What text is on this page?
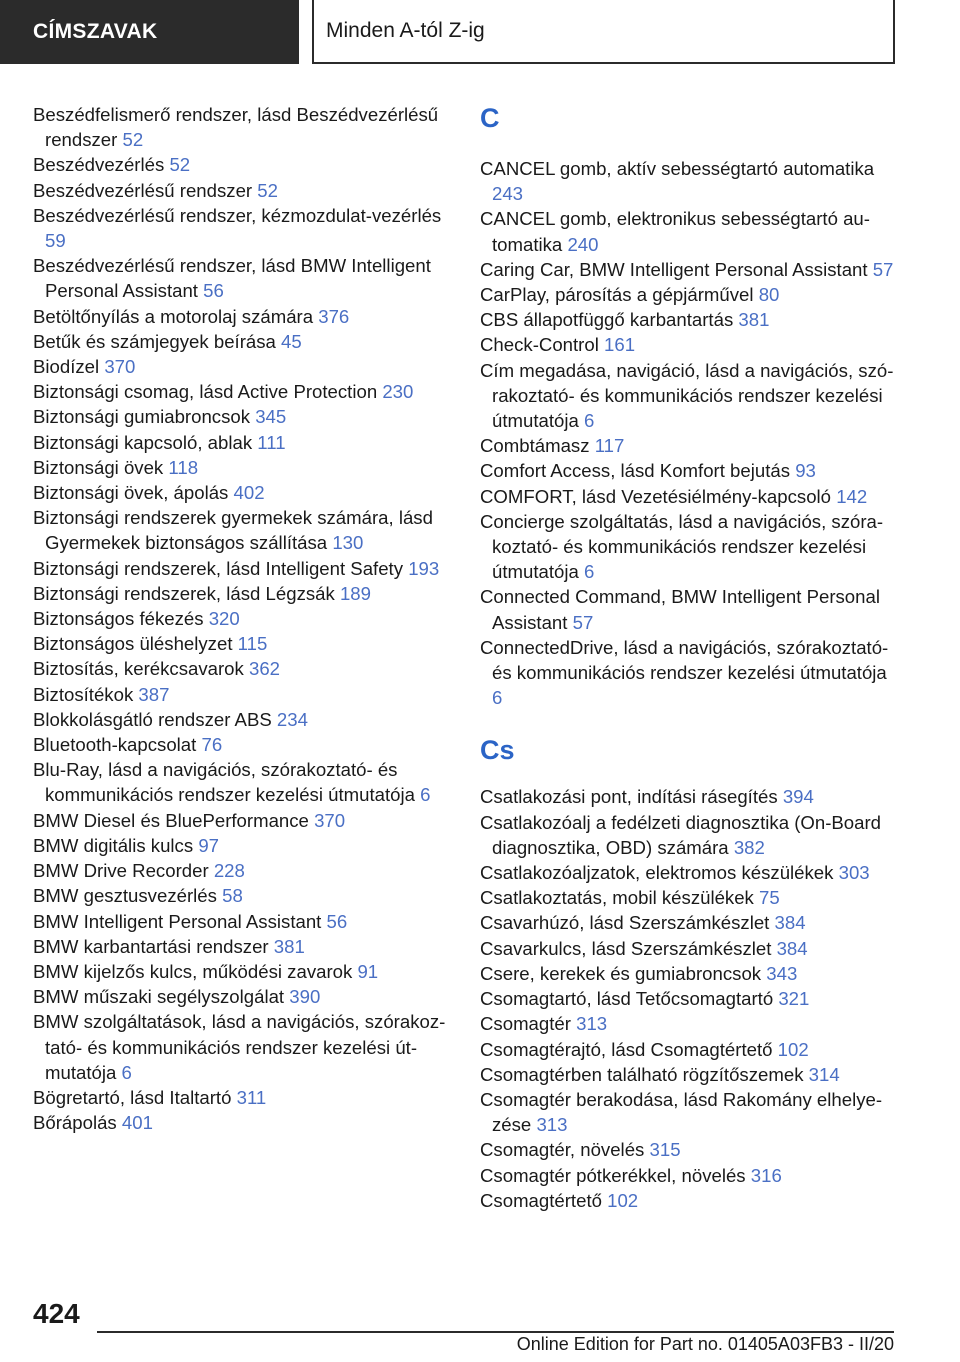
CÍMSZAVAK	Minden A-tól Z-ig
Beszédfelismerő rendszer, lásd Beszédvezérlésű rendszer 52
Beszédvezérlés 52
Beszédvezérlésű rendszer 52
Beszédvezérlésű rendszer, kézmozdulat-vezérlés 59
Beszédvezérlésű rendszer, lásd BMW Intelligent Personal Assistant 56
Betöltőnyílás a motorolaj számára 376
Betűk és számjegyek beírása 45
Biodízel 370
Biztonsági csomag, lásd Active Protection 230
Biztonsági gumiabroncsok 345
Biztonsági kapcsoló, ablak 111
Biztonsági övek 118
Biztonsági övek, ápolás 402
Biztonsági rendszerek gyermekek számára, lásd Gyermekek biztonságos szállítása 130
Biztonsági rendszerek, lásd Intelligent Safety 193
Biztonsági rendszerek, lásd Légzsák 189
Biztonságos fékezés 320
Biztonságos üléshelyzet 115
Biztosítás, kerékcsavarok 362
Biztosítékok 387
Blokkolásgátló rendszer ABS 234
Bluetooth-kapcsolat 76
Blu-Ray, lásd a navigációs, szórakoztató- és kommunikációs rendszer kezelési útmutatója 6
BMW Diesel és BluePerformance 370
BMW digitális kulcs 97
BMW Drive Recorder 228
BMW gesztusvezérlés 58
BMW Intelligent Personal Assistant 56
BMW karbantartási rendszer 381
BMW kijelzős kulcs, működési zavarok 91
BMW műszaki segélyszolgálat 390
BMW szolgáltatások, lásd a navigációs, szórakoztató- és kommunikációs rendszer kezelési útmutatója 6
Bögretartó, lásd Italtartó 311
Bőrápolás 401
C
CANCEL gomb, aktív sebességtartó automatika 243
CANCEL gomb, elektronikus sebességtartó automatika 240
Caring Car, BMW Intelligent Personal Assistant 57
CarPlay, párosítás a gépjárművel 80
CBS állapotfüggő karbantartás 381
Check-Control 161
Cím megadása, navigáció, lásd a navigációs, szórakoztató- és kommunikációs rendszer kezelési útmutatója 6
Combtámasz 117
Comfort Access, lásd Komfort bejutás 93
COMFORT, lásd Vezetésiélmény-kapcsoló 142
Concierge szolgáltatás, lásd a navigációs, szórakoztató- és kommunikációs rendszer kezelési útmutatója 6
Connected Command, BMW Intelligent Personal Assistant 57
ConnectedDrive, lásd a navigációs, szórakoztató- és kommunikációs rendszer kezelési útmutatója 6
Cs
Csatlakozási pont, indítási rásegítés 394
Csatlakozóalj a fedélzeti diagnosztika (On-Board diagnosztika, OBD) számára 382
Csatlakozóaljzatok, elektromos készülékek 303
Csatlakoztatás, mobil készülékek 75
Csavarhúzó, lásd Szerszámkészlet 384
Csavarkulcs, lásd Szerszámkészlet 384
Csere, kerekek és gumiabroncsok 343
Csomagtartó, lásd Tetőcsomagtartó 321
Csomagtér 313
Csomagtérajtó, lásd Csomagtértető 102
Csomagtérben található rögzítőszemek 314
Csomagtér berakodása, lásd Rakomány elhelyezése 313
Csomagtér, növelés 315
Csomagtér pótkerékkel, növelés 316
Csomagtértető 102
424
Online Edition for Part no. 01405A03FB3 - II/20
